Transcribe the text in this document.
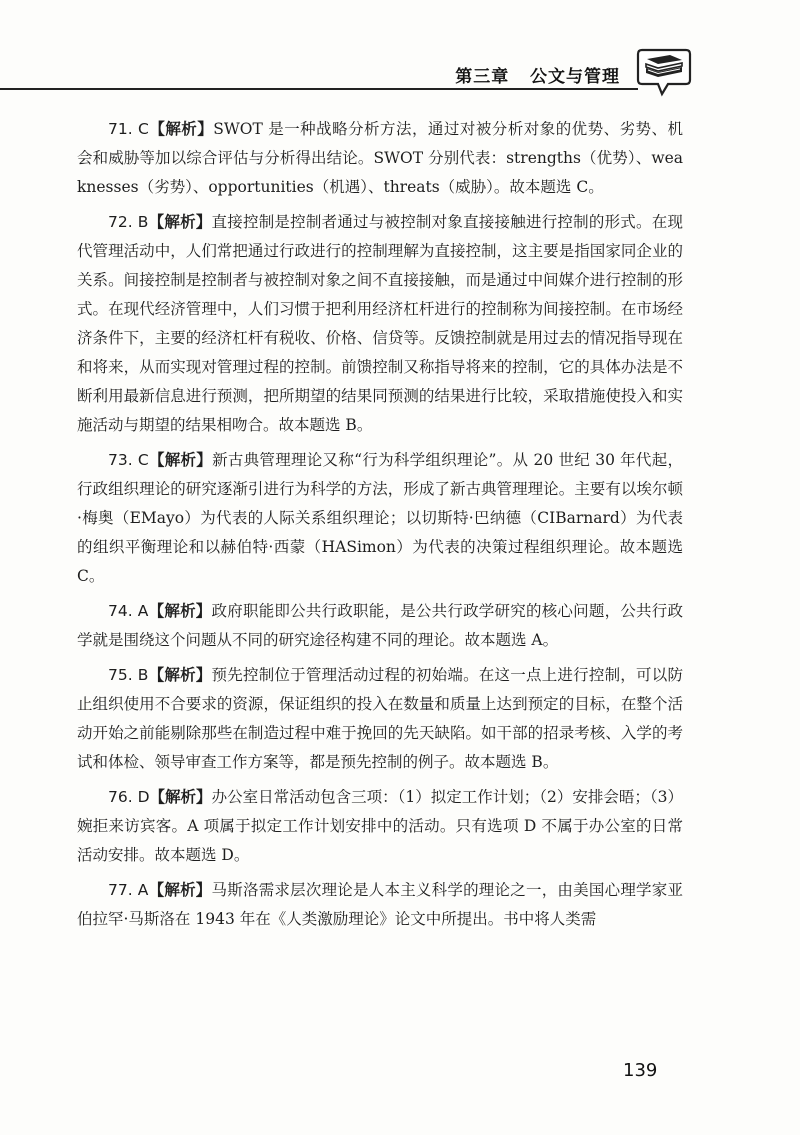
第三章 公文与管理

71. C【解析】SWOT 是一种战略分析方法，通过对被分析对象的优势、劣势、机会和威胁等加以综合评估与分析得出结论。SWOT 分别代表：strengths（优势）、weaknesses（劣势）、opportunities（机遇）、threats（威胁）。故本题选 C。

72. B【解析】直接控制是控制者通过与被控制对象直接接触进行控制的形式。在现代管理活动中，人们常把通过行政进行的控制理解为直接控制，这主要是指国家同企业的关系。间接控制是控制者与被控制对象之间不直接接触，而是通过中间媒介进行控制的形式。在现代经济管理中，人们习惯于把利用经济杠杆进行的控制称为间接控制。在市场经济条件下，主要的经济杠杆有税收、价格、信贷等。反馈控制就是用过去的情况指导现在和将来，从而实现对管理过程的控制。前馈控制又称指导将来的控制，它的具体办法是不断利用最新信息进行预测，把所期望的结果同预测的结果进行比较，采取措施使投入和实施活动与期望的结果相吻合。故本题选 B。

73. C【解析】新古典管理理论又称“行为科学组织理论”。从 20 世纪 30 年代起，行政组织理论的研究逐渐引进行为科学的方法，形成了新古典管理理论。主要有以埃尔顿·梅奥（EMayo）为代表的人际关系组织理论；以切斯特·巴纳德（CIBarnard）为代表的组织平衡理论和以赫伯特·西蒙（HASimon）为代表的决策过程组织理论。故本题选 C。

74. A【解析】政府职能即公共行政职能，是公共行政学研究的核心问题，公共行政学就是围绕这个问题从不同的研究途径构建不同的理论。故本题选 A。

75. B【解析】预先控制位于管理活动过程的初始端。在这一点上进行控制，可以防止组织使用不合要求的资源，保证组织的投入在数量和质量上达到预定的目标，在整个活动开始之前能剔除那些在制造过程中难于挽回的先天缺陷。如干部的招录考核、入学的考试和体检、领导审查工作方案等，都是预先控制的例子。故本题选 B。

76. D【解析】办公室日常活动包含三项：（1）拟定工作计划；（2）安排会晤；（3）婉拒来访宾客。A 项属于拟定工作计划安排中的活动。只有选项 D 不属于办公室的日常活动安排。故本题选 D。

77. A【解析】马斯洛需求层次理论是人本主义科学的理论之一，由美国心理学家亚伯拉罕·马斯洛在 1943 年在《人类激励理论》论文中所提出。书中将人类需

139
